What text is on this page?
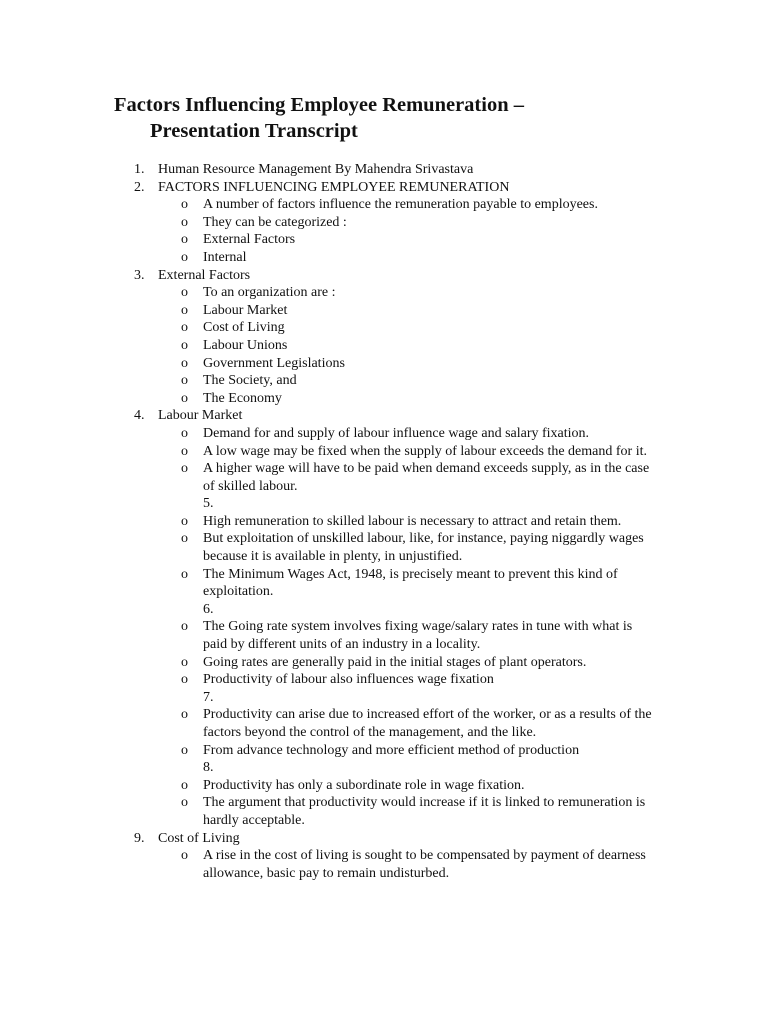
Factors Influencing Employee Remuneration –
Presentation Transcript
1. Human Resource Management By Mahendra Srivastava
2. FACTORS INFLUENCING EMPLOYEE REMUNERATION
o A number of factors influence the remuneration payable to employees.
o They can be categorized :
o External Factors
o Internal
3. External Factors
o To an organization are :
o Labour Market
o Cost of Living
o Labour Unions
o Government Legislations
o The Society, and
o The Economy
4. Labour Market
o Demand for and supply of labour influence wage and salary fixation.
o A low wage may be fixed when the supply of labour exceeds the demand for it.
o A higher wage will have to be paid when demand exceeds supply, as in the case of skilled labour.
5.
o High remuneration to skilled labour is necessary to attract and retain them.
o But exploitation of unskilled labour, like, for instance, paying niggardly wages because it is available in plenty, in unjustified.
o The Minimum Wages Act, 1948, is precisely meant to prevent this kind of exploitation.
6.
o The Going rate system involves fixing wage/salary rates in tune with what is paid by different units of an industry in a locality.
o Going rates are generally paid in the initial stages of plant operators.
o Productivity of labour also influences wage fixation
7.
o Productivity can arise due to increased effort of the worker, or as a results of the factors beyond the control of the management, and the like.
o From advance technology and more efficient method of production
8.
o Productivity has only a subordinate role in wage fixation.
o The argument that productivity would increase if it is linked to remuneration is hardly acceptable.
9. Cost of Living
o A rise in the cost of living is sought to be compensated by payment of dearness allowance, basic pay to remain undisturbed.
